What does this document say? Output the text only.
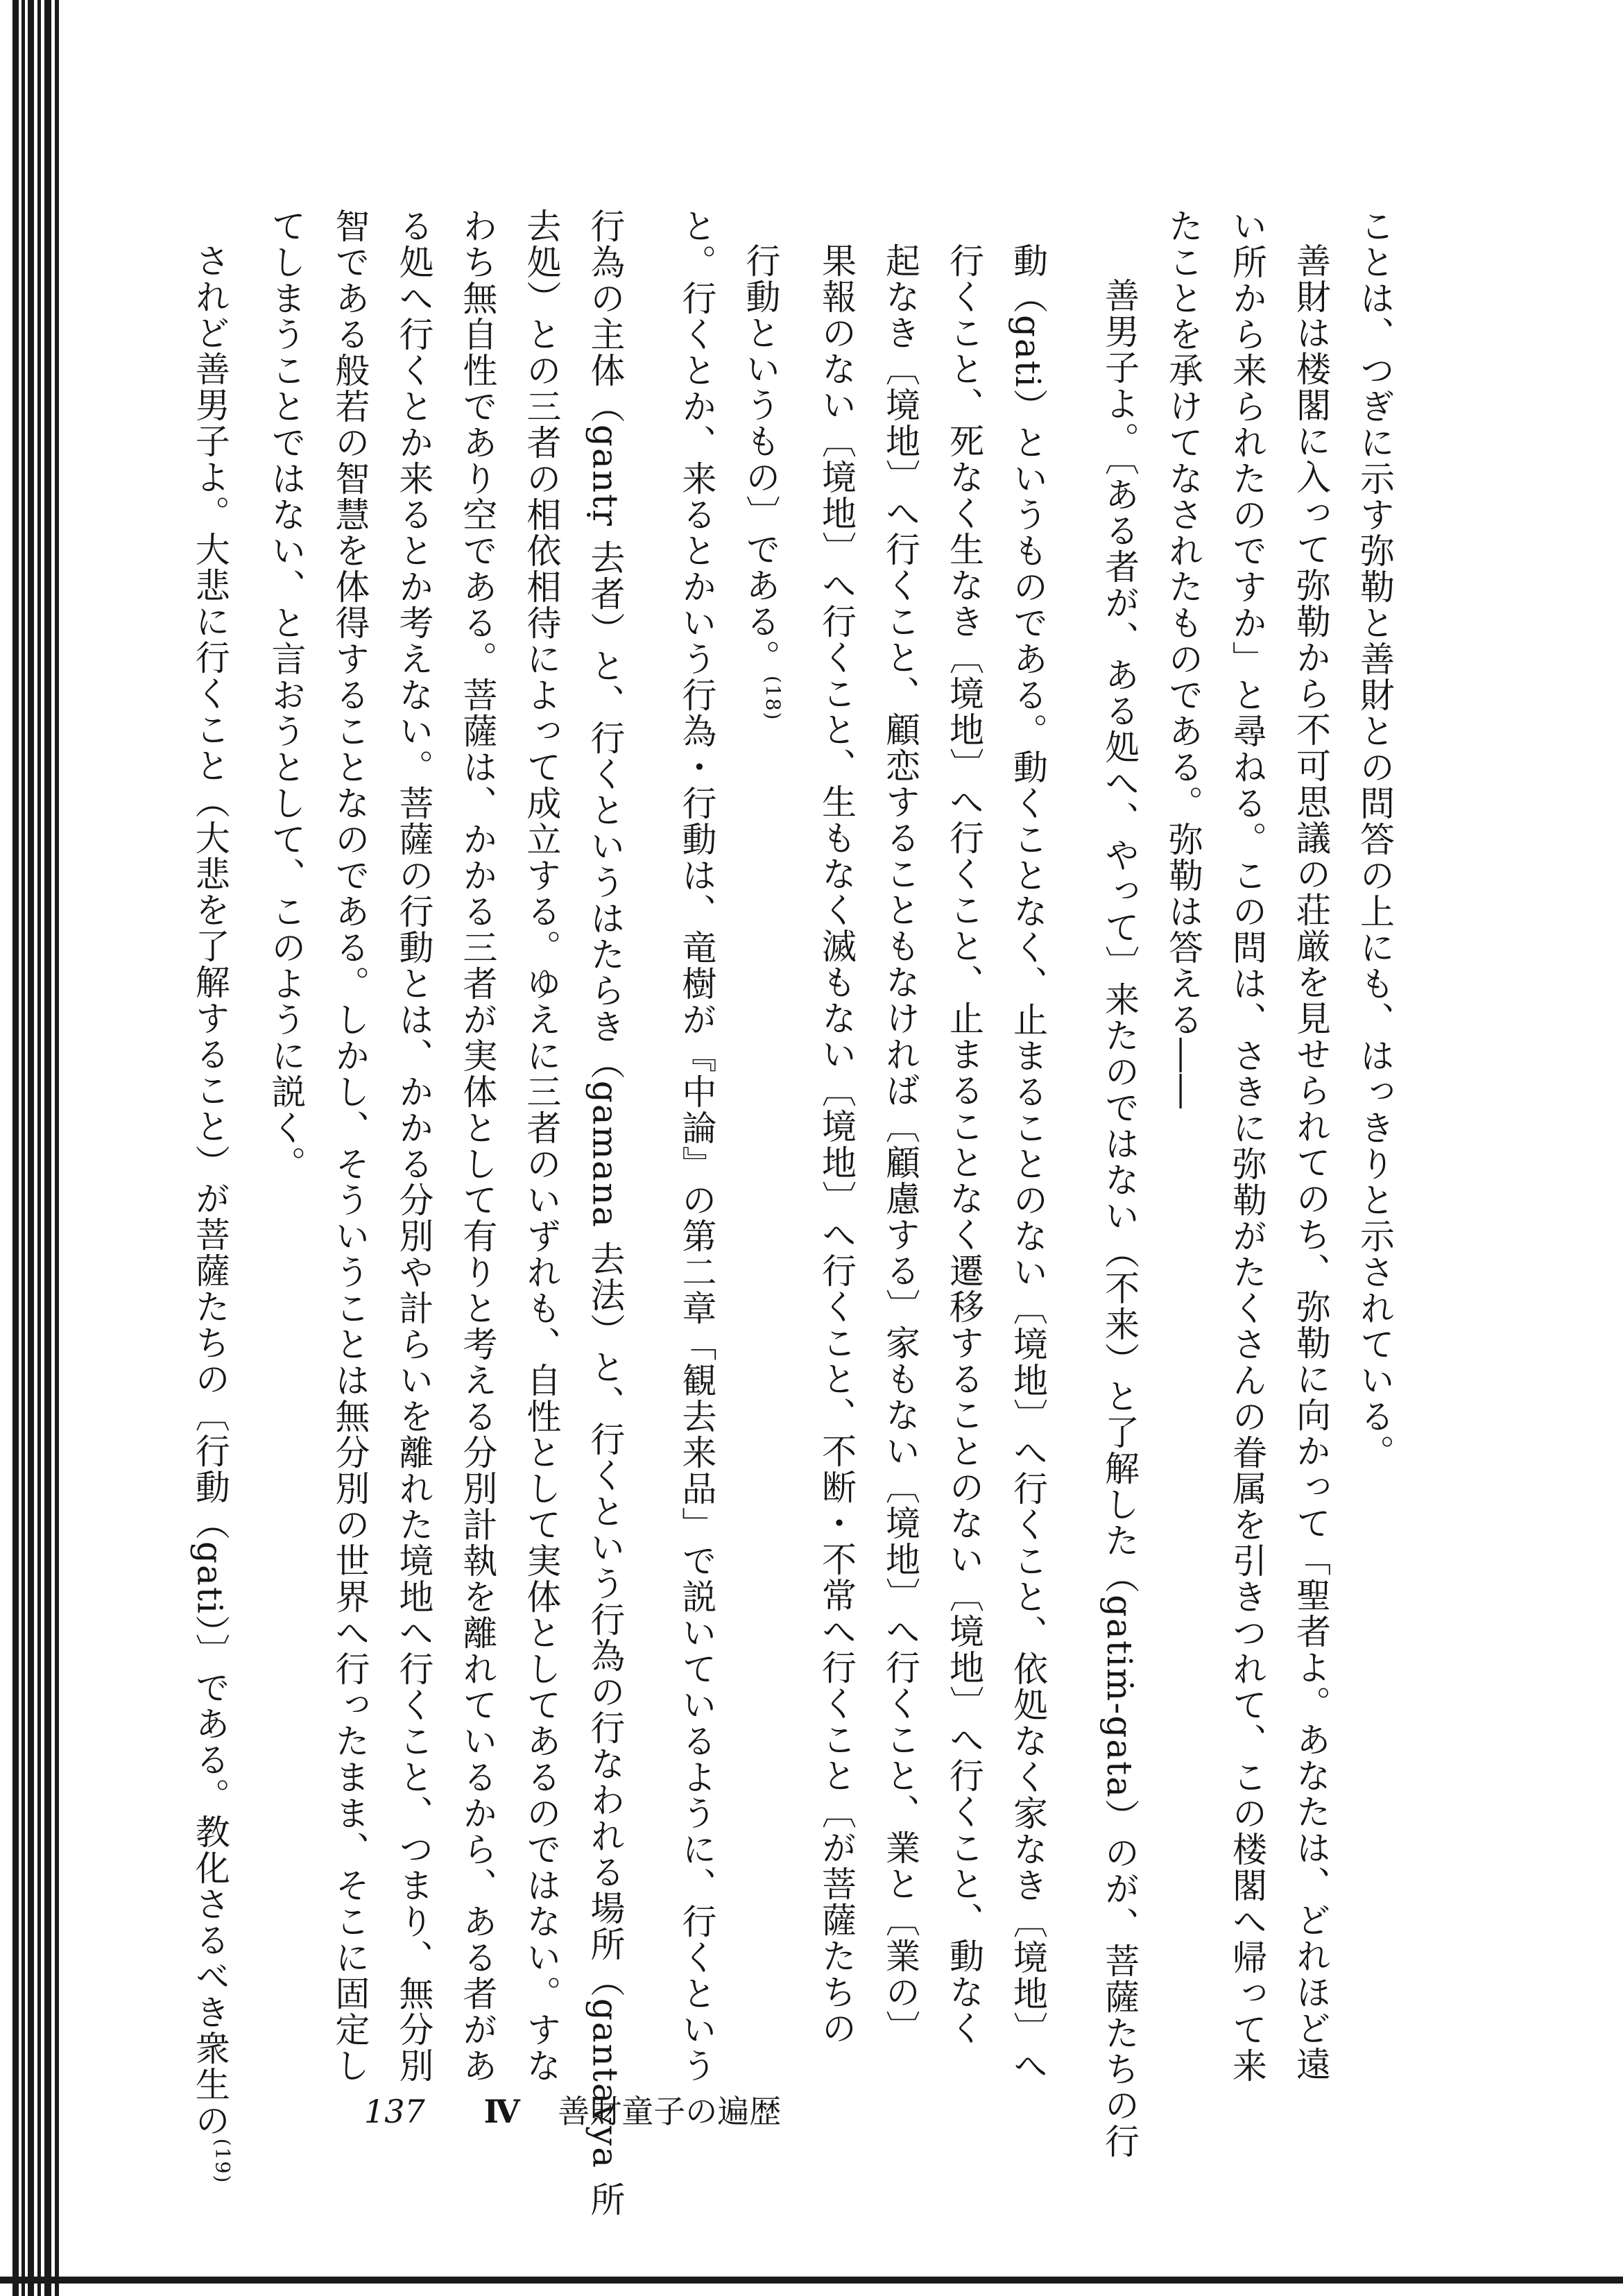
ことは、つぎに示す弥勒と善財との問答の上にも、はっきりと示されている。
善財は楼閣に入って弥勒から不可思議の荘厳を見せられてのち、弥勒に向かって「聖者よ。あなたは、どれほど遠
い所から来られたのですか」と尋ねる。この問は、さきに弥勒がたくさんの眷属を引きつれて、この楼閣へ帰って来
たことを承けてなされたものである。弥勒は答える――
善男子よ。〔ある者が、ある処へ、やって〕来たのではない（不来）と了解した（gatiṁ-gata）のが、菩薩たちの行
動（gati）というものである。動くことなく、止まることのない〔境地〕へ行くこと、依処なく家なき〔境地〕へ
行くこと、死なく生なき〔境地〕へ行くこと、止まることなく遷移することのない〔境地〕へ行くこと、動なく
起なき〔境地〕へ行くこと、顧恋することもなければ〔顧慮する〕家もない〔境地〕へ行くこと、業と〔業の〕
果報のない〔境地〕へ行くこと、生もなく滅もない〔境地〕へ行くこと、不断・不常へ行くこと〔が菩薩たちの
行動というもの〕である。$^{(18)}$
と。行くとか、来るとかいう行為・行動は、竜樹が『中論』の第二章「観去来品」で説いているように、行くという
行為の主体（gantṛ 去者）と、行くというはたらき（gamana 去法）と、行くという行為の行なわれる場所（gantavya 所
去処）との三者の相依相待によって成立する。ゆえに三者のいずれも、自性として実体としてあるのではない。すな
わち無自性であり空である。菩薩は、かかる三者が実体として有りと考える分別計執を離れているから、ある者があ
る処へ行くとか来るとか考えない。菩薩の行動とは、かかる分別や計らいを離れた境地へ行くこと、つまり、無分別
智である般若の智慧を体得することなのである。しかし、そういうことは無分別の世界へ行ったまま、そこに固定し
てしまうことではない、と言おうとして、このように説く。
されど善男子よ。大悲に行くこと（大悲を了解すること）が菩薩たちの〔行動（gati）〕である。教化さるべき衆生の$^{(19)}$
137 Ⅳ 善財童子の遍歴
